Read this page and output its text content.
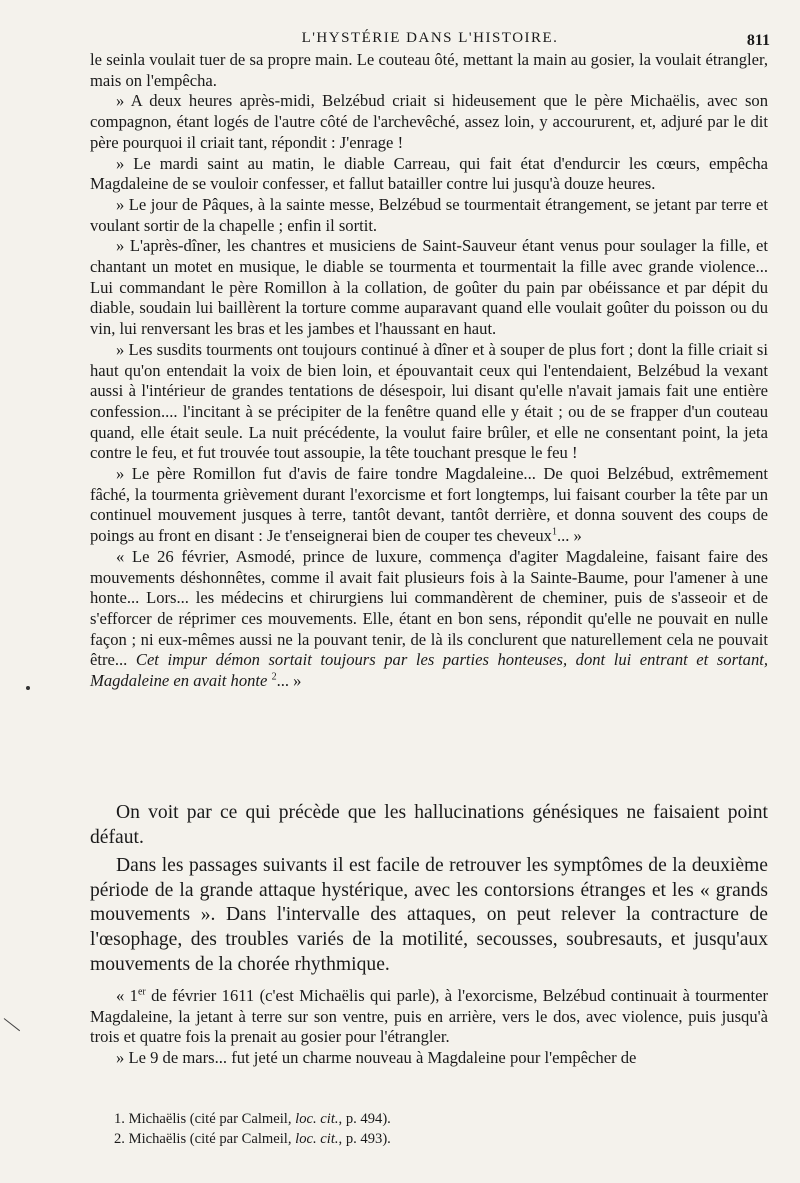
L'HYSTÉRIE DANS L'HISTOIRE.	811

le seinla voulait tuer de sa propre main. Le couteau ôté, mettant la main au gosier, la voulait étrangler, mais on l'empêcha.

» A deux heures après-midi, Belzébud criait si hideusement que le père Michaëlis, avec son compagnon, étant logés de l'autre côté de l'archevêché, assez loin, y accoururent, et, adjuré par le dit père pourquoi il criait tant, répondit : J'enrage !

» Le mardi saint au matin, le diable Carreau, qui fait état d'endurcir les cœurs, empêcha Magdaleine de se vouloir confesser, et fallut batailler contre lui jusqu'à douze heures.

» Le jour de Pâques, à la sainte messe, Belzébud se tourmentait étrangement, se jetant par terre et voulant sortir de la chapelle ; enfin il sortit.

» L'après-dîner, les chantres et musiciens de Saint-Sauveur étant venus pour soulager la fille, et chantant un motet en musique, le diable se tourmenta et tourmentait la fille avec grande violence... Lui commandant le père Romillon à la collation, de goûter du pain par obéissance et par dépit du diable, soudain lui baillèrent la torture comme auparavant quand elle voulait goûter du poisson ou du vin, lui renversant les bras et les jambes et l'haussant en haut.

» Les susdits tourments ont toujours continué à dîner et à souper de plus fort ; dont la fille criait si haut qu'on entendait la voix de bien loin, et épouvantait ceux qui l'entendaient, Belzébud la vexant aussi à l'intérieur de grandes tentations de désespoir, lui disant qu'elle n'avait jamais fait une entière confession.... l'incitant à se précipiter de la fenêtre quand elle y était ; ou de se frapper d'un couteau quand, elle était seule. La nuit précédente, la voulut faire brûler, et elle ne consentant point, la jeta contre le feu, et fut trouvée tout assoupie, la tête touchant presque le feu !

» Le père Romillon fut d'avis de faire tondre Magdaleine... De quoi Belzébud, extrêmement fâché, la tourmenta grièvement durant l'exorcisme et fort longtemps, lui faisant courber la tête par un continuel mouvement jusques à terre, tantôt devant, tantôt derrière, et donna souvent des coups de poings au front en disant : Je t'enseignerai bien de couper tes cheveux$^1$... »

« Le 26 février, Asmodé, prince de luxure, commença d'agiter Magdaleine, faisant faire des mouvements déshonnêtes, comme il avait fait plusieurs fois à la Sainte-Baume, pour l'amener à une honte... Lors... les médecins et chirurgiens lui commandèrent de cheminer, puis de s'asseoir et de s'efforcer de réprimer ces mouvements. Elle, étant en bon sens, répondit qu'elle ne pouvait en nulle façon ; ni eux-mêmes aussi ne la pouvant tenir, de là ils conclurent que naturellement cela ne pouvait être... Cet impur démon sortait toujours par les parties honteuses, dont lui entrant et sortant, Magdaleine en avait honte $^2$... »

On voit par ce qui précède que les hallucinations génésiques ne faisaient point défaut.

Dans les passages suivants il est facile de retrouver les symptômes de la deuxième période de la grande attaque hystérique, avec les contorsions étranges et les « grands mouvements ». Dans l'intervalle des attaques, on peut relever la contracture de l'œsophage, des troubles variés de la motilité, secousses, soubresauts, et jusqu'aux mouvements de la chorée rhythmique.

« 1er de février 1611 (c'est Michaëlis qui parle), à l'exorcisme, Belzébud continuait à tourmenter Magdaleine, la jetant à terre sur son ventre, puis en arrière, vers le dos, avec violence, puis jusqu'à trois et quatre fois la prenait au gosier pour l'étrangler.

» Le 9 de mars... fut jeté un charme nouveau à Magdaleine pour l'empêcher de

1. Michaëlis (cité par Calmeil, loc. cit., p. 494).
2. Michaëlis (cité par Calmeil, loc. cit., p. 493).
